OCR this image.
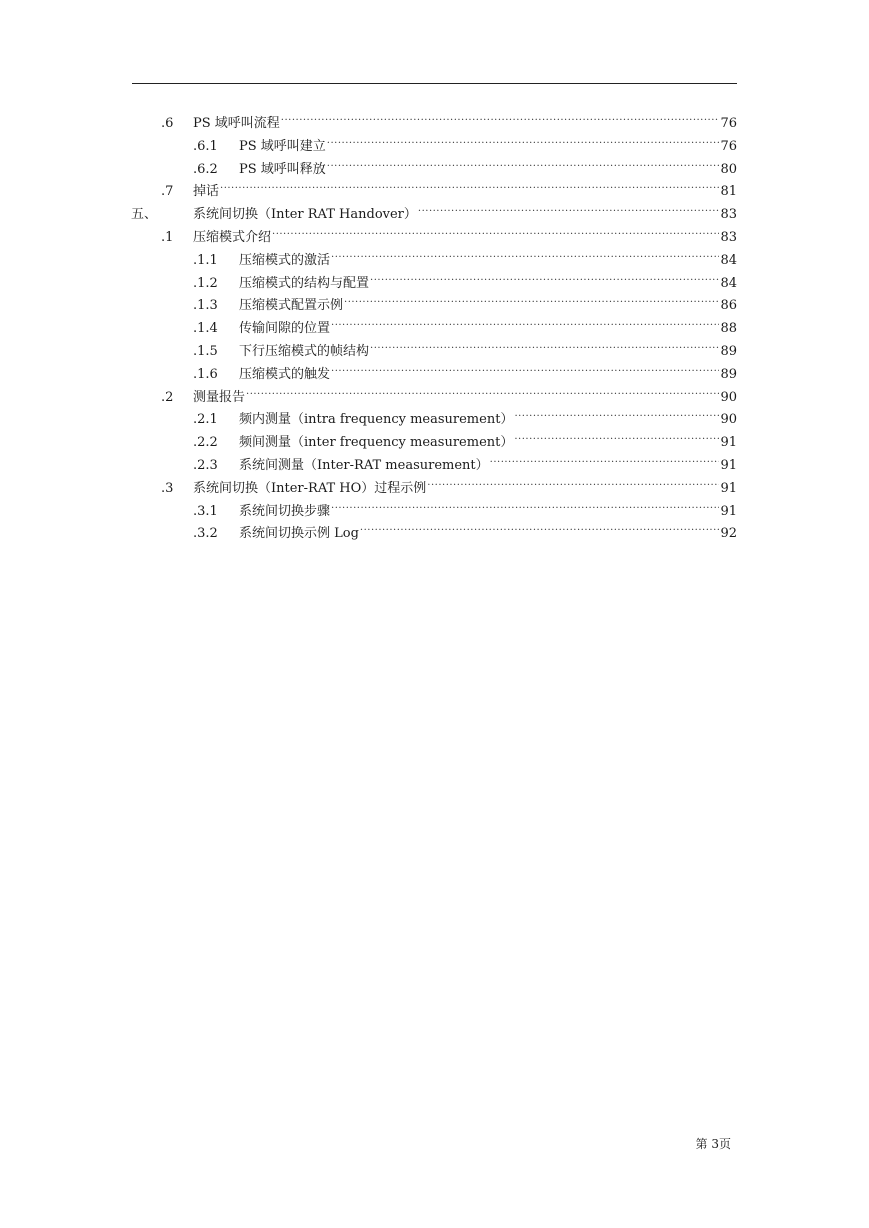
.6	PS 域呼叫流程 .....	76
.6.1	PS 域呼叫建立 .....	76
.6.2	PS 域呼叫释放 .....	80
.7	掉话 .....	81
五、	系统间切换（Inter RAT Handover） .....	83
.1	压缩模式介绍 .....	83
.1.1	压缩模式的激活 .....	84
.1.2	压缩模式的结构与配置 .....	84
.1.3	压缩模式配置示例 .....	86
.1.4	传输间隙的位置 .....	88
.1.5	下行压缩模式的帧结构 .....	89
.1.6	压缩模式的触发 .....	89
.2	测量报告 .....	90
.2.1	频内测量（intra frequency measurement） .....	90
.2.2	频间测量（inter frequency measurement） .....	91
.2.3	系统间测量（Inter-RAT measurement） .....	91
.3	系统间切换（Inter-RAT HO）过程示例 .....	91
.3.1	系统间切换步骤 .....	91
.3.2	系统间切换示例 Log .....	92
第 3页
